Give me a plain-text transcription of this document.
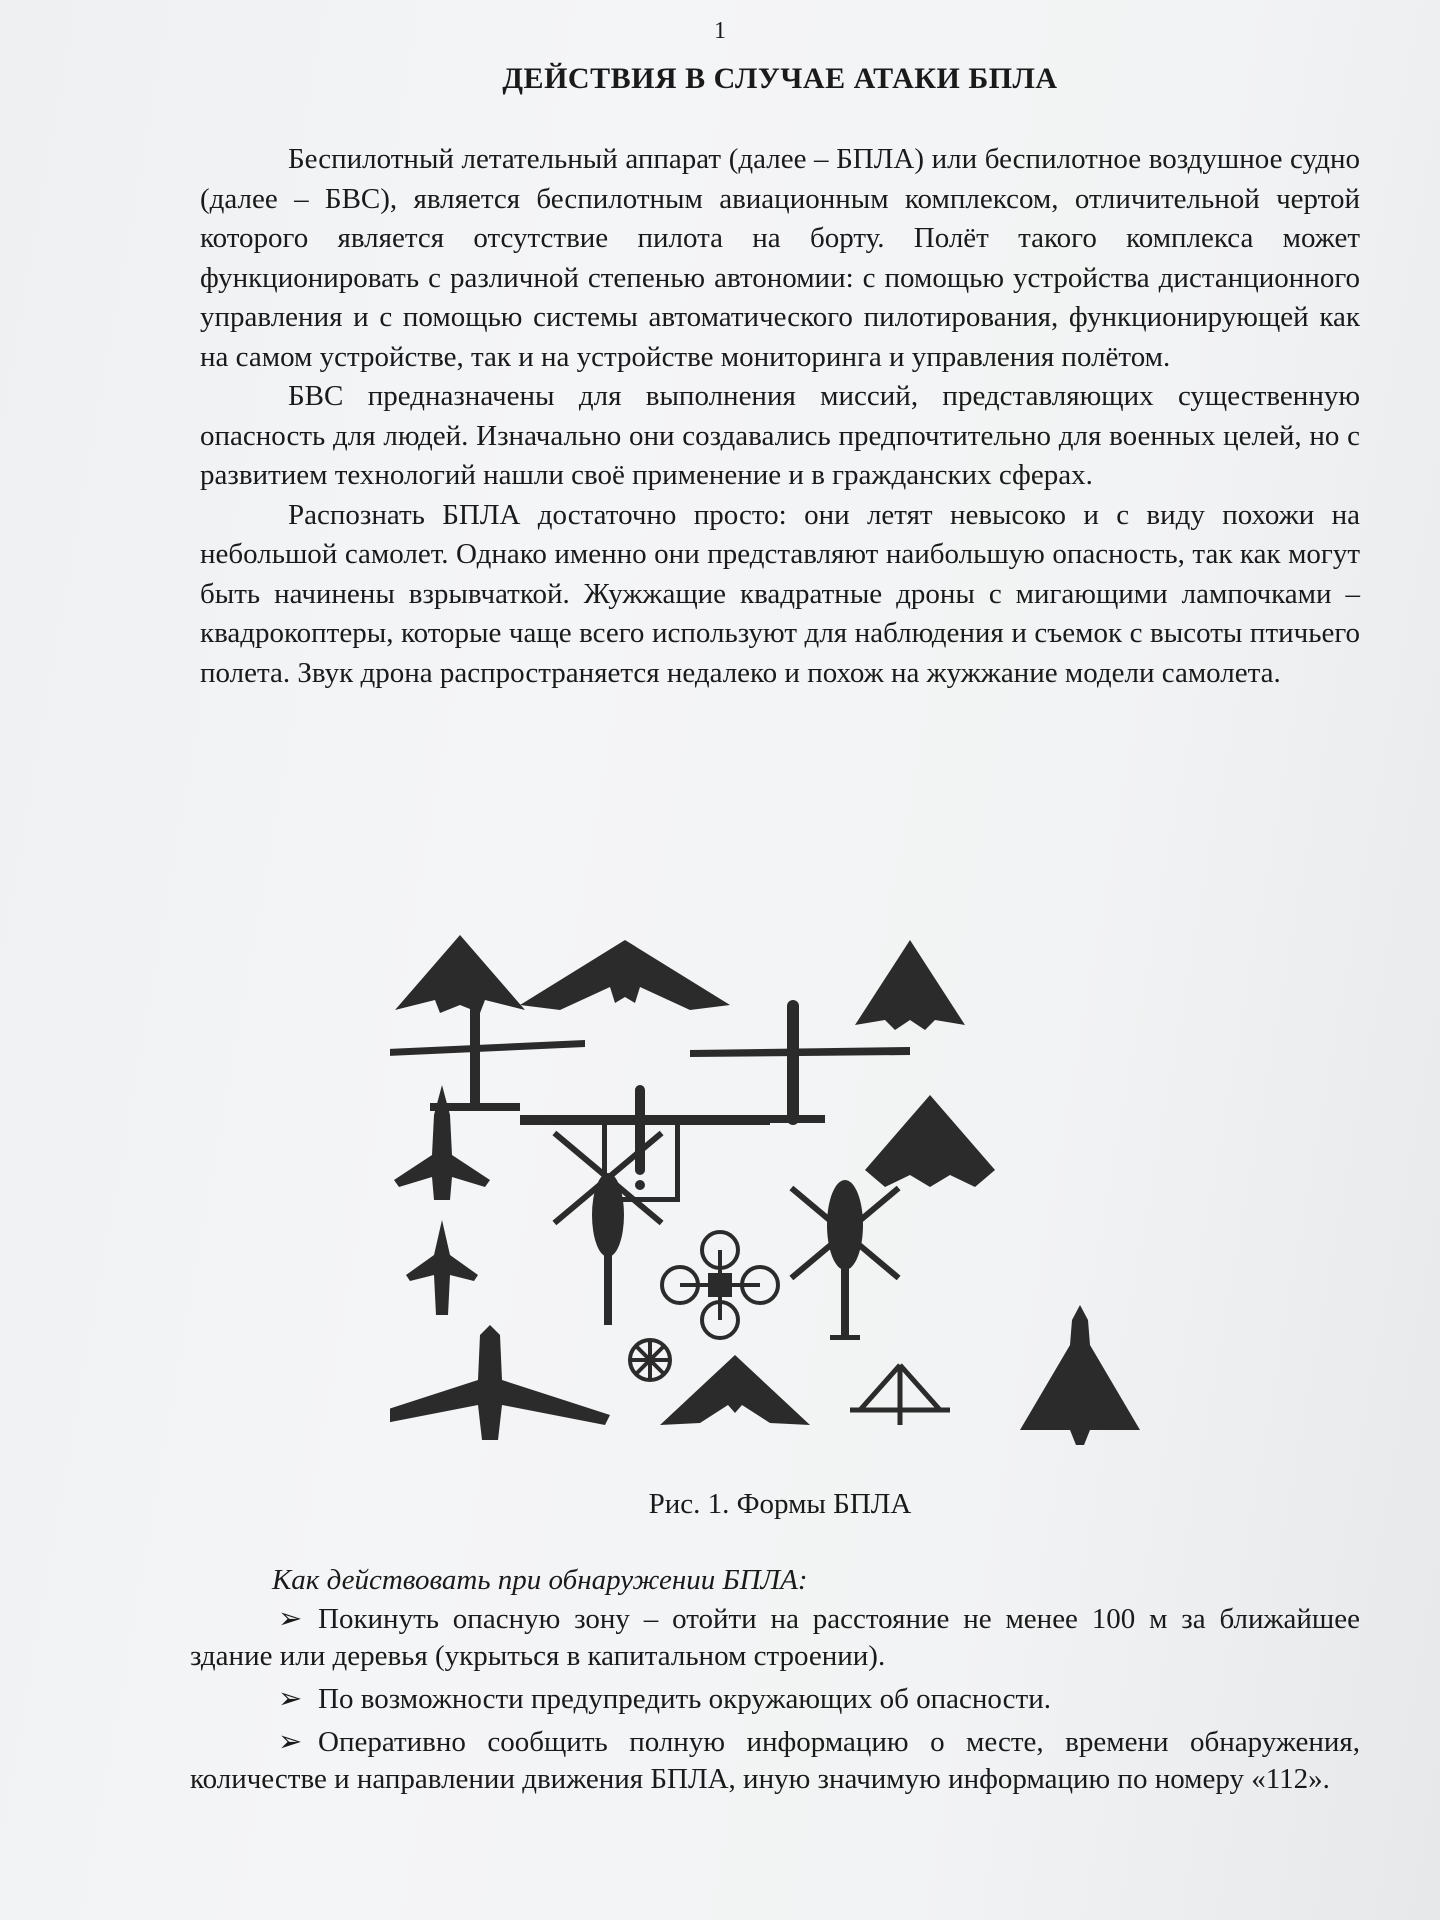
1
ДЕЙСТВИЯ В СЛУЧАЕ АТАКИ БПЛА

Беспилотный летательный аппарат (далее – БПЛА) или беспилотное воздушное судно (далее – БВС), является беспилотным авиационным комплексом, отличительной чертой которого является отсутствие пилота на борту. Полёт такого комплекса может функционировать с различной степенью автономии: с помощью устройства дистанционного управления и с помощью системы автоматического пилотирования, функционирующей как на самом устройстве, так и на устройстве мониторинга и управления полётом.

БВС предназначены для выполнения миссий, представляющих существенную опасность для людей. Изначально они создавались предпочтительно для военных целей, но с развитием технологий нашли своё применение и в гражданских сферах.

Распознать БПЛА достаточно просто: они летят невысоко и с виду похожи на небольшой самолет. Однако именно они представляют наибольшую опасность, так как могут быть начинены взрывчаткой. Жужжащие квадратные дроны с мигающими лампочками – квадрокоптеры, которые чаще всего используют для наблюдения и съемок с высоты птичьего полета. Звук дрона распространяется недалеко и похож на жужжание модели самолета.

Рис. 1. Формы БПЛА
Как действовать при обнаружении БПЛА:

➢ Покинуть опасную зону – отойти на расстояние не менее 100 м за ближайшее здание или деревья (укрыться в капитальном строении).

➢ По возможности предупредить окружающих об опасности.

➢ Оперативно сообщить полную информацию о месте, времени обнаружения, количестве и направлении движения БПЛА, иную значимую информацию по номеру «112».
